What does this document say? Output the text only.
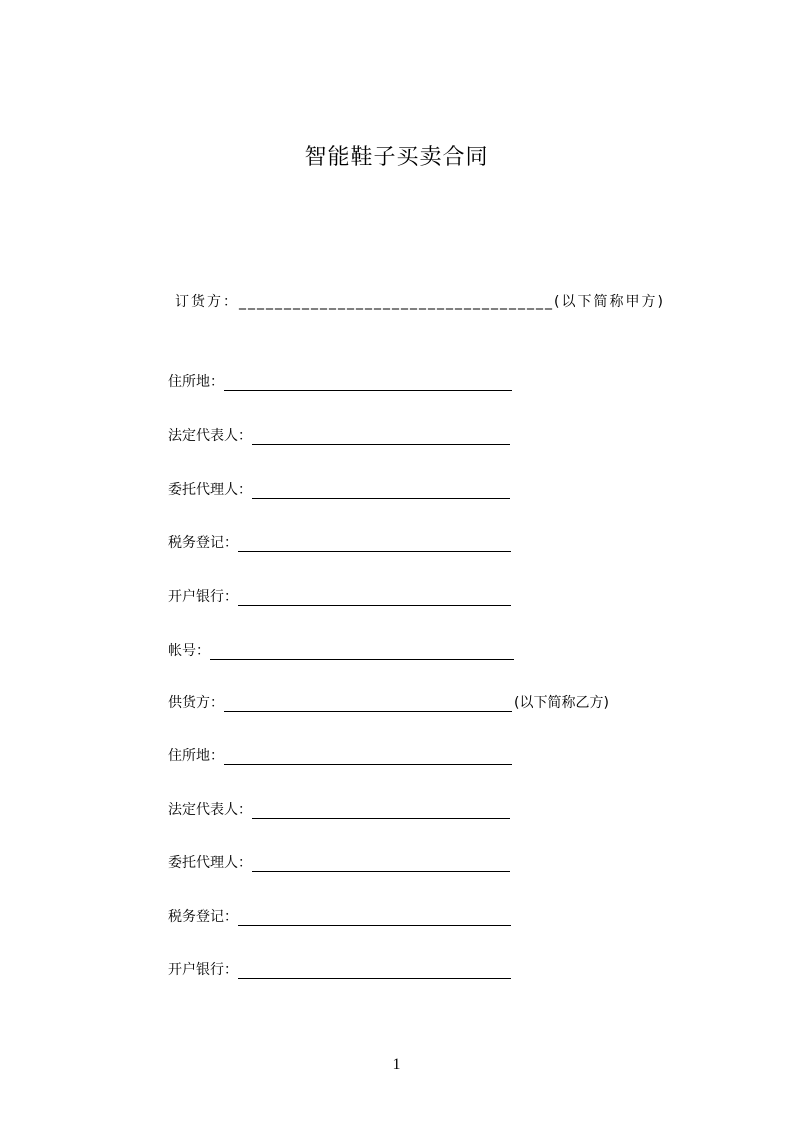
智能鞋子买卖合同
订货方：___________________________________(以下简称甲方)
住所地：
法定代表人：
委托代理人：
税务登记：
开户银行：
帐号：
供货方：	(以下简称乙方)
住所地：
法定代表人：
委托代理人：
税务登记：
开户银行：
1
